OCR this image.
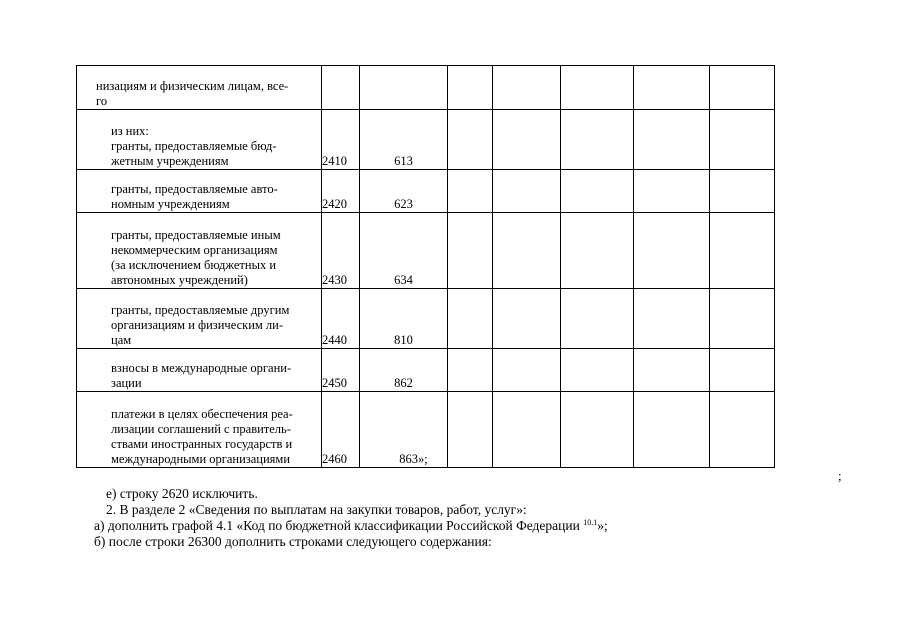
низациям и физическим лицам, все-
го							

из них:
гранты, предоставляемые бюд-
жетным учреждениям	2410	613					

гранты, предоставляемые авто-
номным учреждениям	2420	623					

гранты, предоставляемые иным
некоммерческим организациям
(за исключением бюджетных и
автономных учреждений)	2430	634					

гранты, предоставляемые другим
организациям и физическим ли-
цам	2440	810					

взносы в международные органи-
зации	2450	862					

платежи в целях обеспечения реа-
лизации соглашений с правитель-
ствами иностранных государств и
международными организациями	2460	863»;					
;
е) строку 2620 исключить.
2. В разделе 2 «Сведения по выплатам на закупки товаров, работ, услуг»:
а) дополнить графой 4.1 «Код по бюджетной классификации Российской Федерации $^{10.1}$»;
б) после строки 26300 дополнить строками следующего содержания:
